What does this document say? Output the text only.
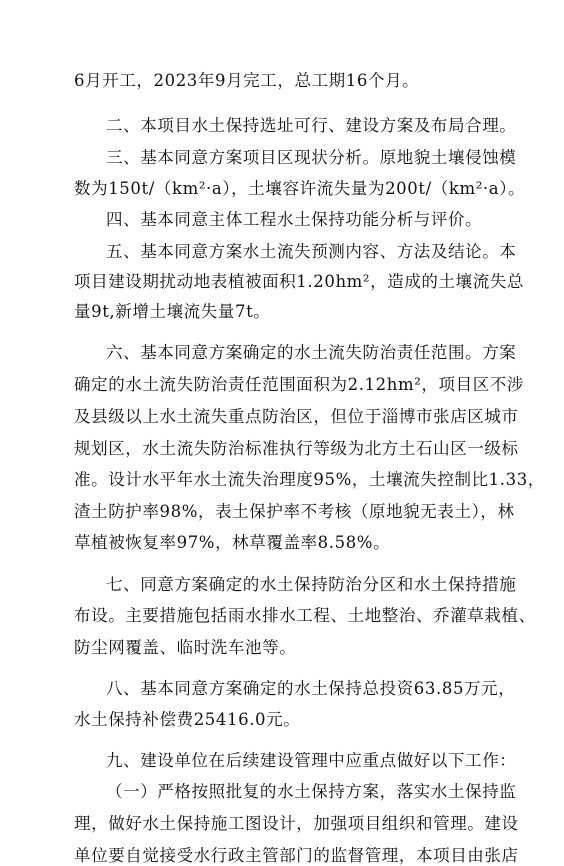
6月开工，2023年9月完工，总工期16个月。
二、本项目水土保持选址可行、建设方案及布局合理。
三、基本同意方案项目区现状分析。原地貌土壤侵蚀模
数为150t/（km²·a），土壤容许流失量为200t/（km²·a）。
四、基本同意主体工程水土保持功能分析与评价。
五、基本同意方案水土流失预测内容、方法及结论。本
项目建设期扰动地表植被面积1.20hm²，造成的土壤流失总
量9t,新增土壤流失量7t。
六、基本同意方案确定的水土流失防治责任范围。方案
确定的水土流失防治责任范围面积为2.12hm²，项目区不涉
及县级以上水土流失重点防治区，但位于淄博市张店区城市
规划区，水土流失防治标准执行等级为北方土石山区一级标
准。设计水平年水土流失治理度95%，土壤流失控制比1.33，
渣土防护率98%，表土保护率不考核（原地貌无表土），林
草植被恢复率97%，林草覆盖率8.58%。
七、同意方案确定的水土保持防治分区和水土保持措施
布设。主要措施包括雨水排水工程、土地整治、乔灌草栽植、
防尘网覆盖、临时洗车池等。
八、基本同意方案确定的水土保持总投资63.85万元，
水土保持补偿费25416.0元。
九、建设单位在后续建设管理中应重点做好以下工作：
（一）严格按照批复的水土保持方案，落实水土保持监
理，做好水土保持施工图设计，加强项目组织和管理。建设
单位要自觉接受水行政主管部门的监督管理，本项目由张店
